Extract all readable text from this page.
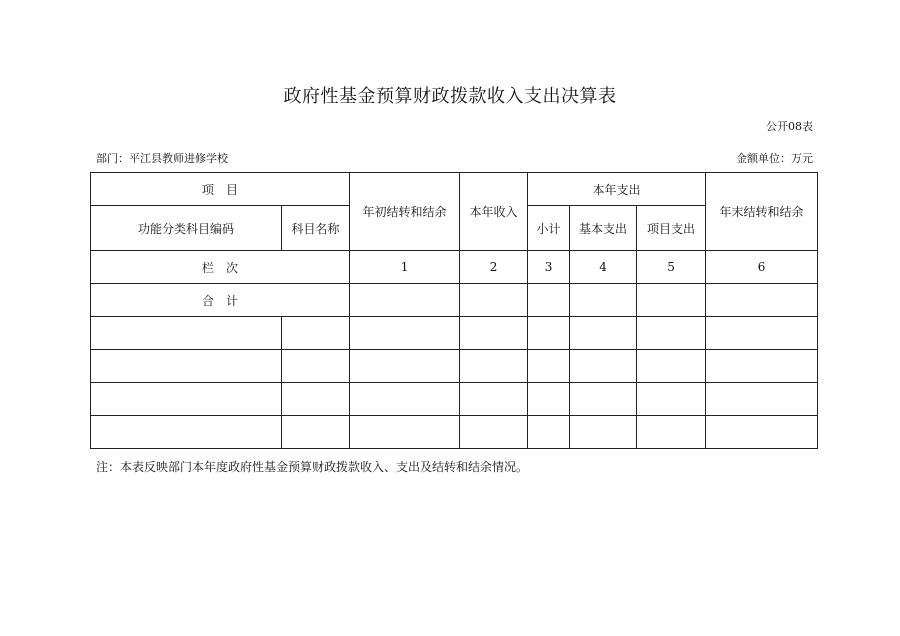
政府性基金预算财政拨款收入支出决算表
公开08表
部门：平江县教师进修学校	金额单位：万元
项　目		年初结转和结余	本年收入	本年支出			年末结转和结余
功能分类科目编码	科目名称			小计	基本支出	项目支出	
栏　次		1	2	3	4	5	6
合　计							

注：本表反映部门本年度政府性基金预算财政拨款收入、支出及结转和结余情况。
